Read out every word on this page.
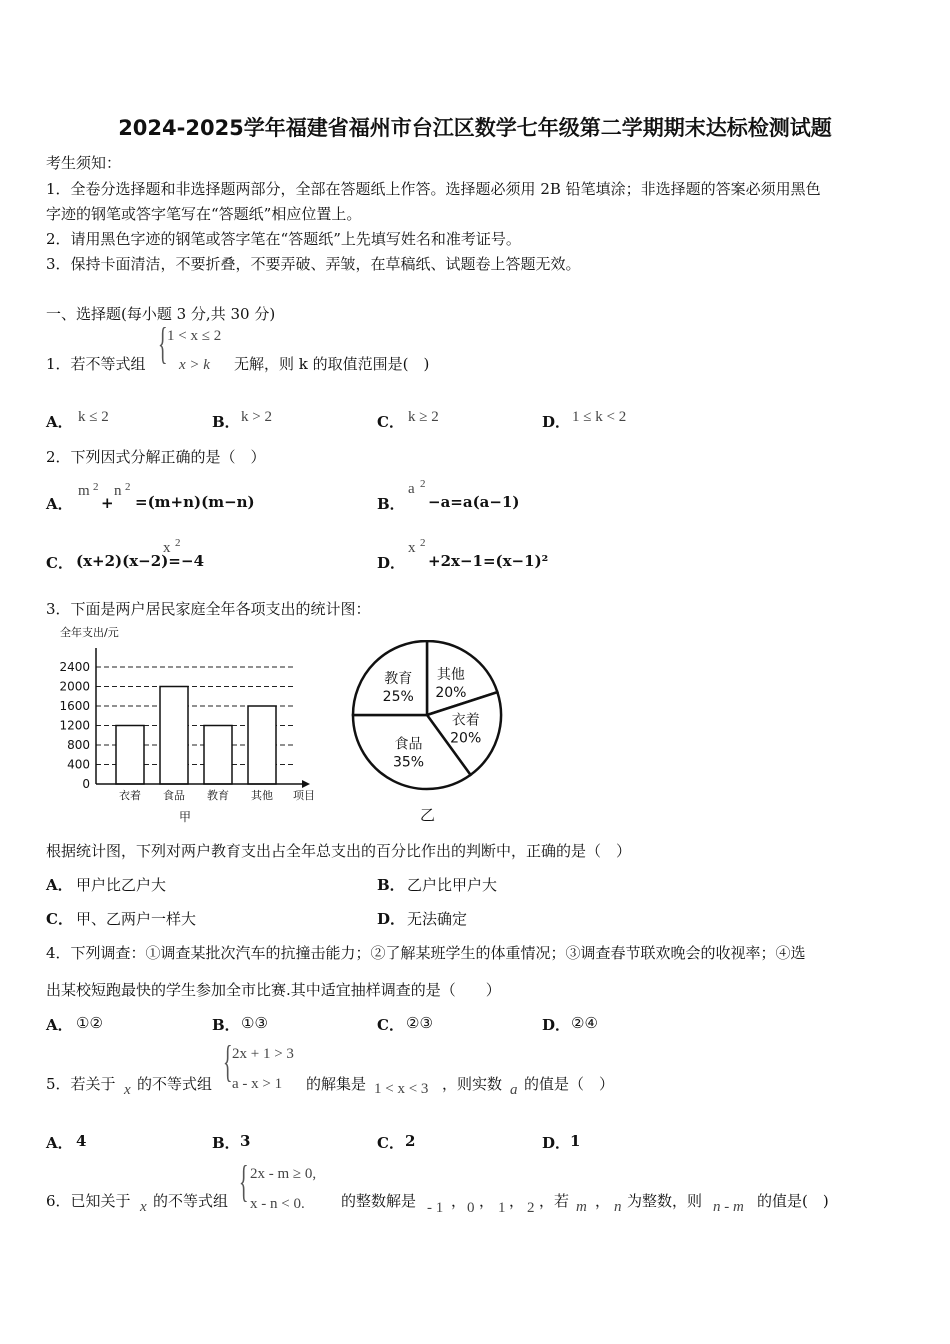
2024-2025学年福建省福州市台江区数学七年级第二学期期末达标检测试题
考生须知：
1．全卷分选择题和非选择题两部分，全部在答题纸上作答。选择题必须用 2B 铅笔填涂；非选择题的答案必须用黑色
字迹的钢笔或答字笔写在“答题纸”相应位置上。
2．请用黑色字迹的钢笔或答字笔在“答题纸”上先填写姓名和准考证号。
3．保持卡面清洁，不要折叠，不要弄破、弄皱，在草稿纸、试题卷上答题无效。
一、选择题(每小题 3 分,共 30 分)
1．若不等式组 { 1 < x ≤ 2
x > k 无解，则 k 的取值范围是(　)
A． k ≤ 2	B． k > 2	C． k ≥ 2	D． 1 ≤ k < 2
2．下列因式分解正确的是（　）
A．
m 2
+
n 2
=(m+n)(m−n)	B．
a 2
−a=a(a−1)
C． (x+2)(x−2)=
x 2
−4	D．
x 2
+2x−1=(x−1)²
3．下面是两户居民家庭全年各项支出的统计图：
全年支出/元
0
400
800
1200
1600
2000
2400
衣着 食品 教育 其他 项目
甲
其他
20%
衣着
20%
食品
35%
教育
25%
乙
根据统计图，下列对两户教育支出占全年总支出的百分比作出的判断中，正确的是（　）
A． 甲户比乙户大	B． 乙户比甲户大
C． 甲、乙两户一样大	D． 无法确定
4．下列调查：①调查某批次汽车的抗撞击能力；②了解某班学生的体重情况；③调查春节联欢晚会的收视率；④选
出某校短跑最快的学生参加全市比赛.其中适宜抽样调查的是（　　）
A． ①②	B． ①③	C． ②③	D． ②④
5．若关于 x 的不等式组 { 2x + 1 > 3
a - x > 1 的解集是 1 < x < 3 ，则实数 a 的值是（　）
A． 4	B． 3	C． 2	D． 1
6．已知关于 x 的不等式组 { 2x - m ≥ 0,
x - n < 0. 的整数解是 - 1 ， 0 ， 1 ， 2 ，若 m ， n 为整数，则 n - m 的值是(　)
